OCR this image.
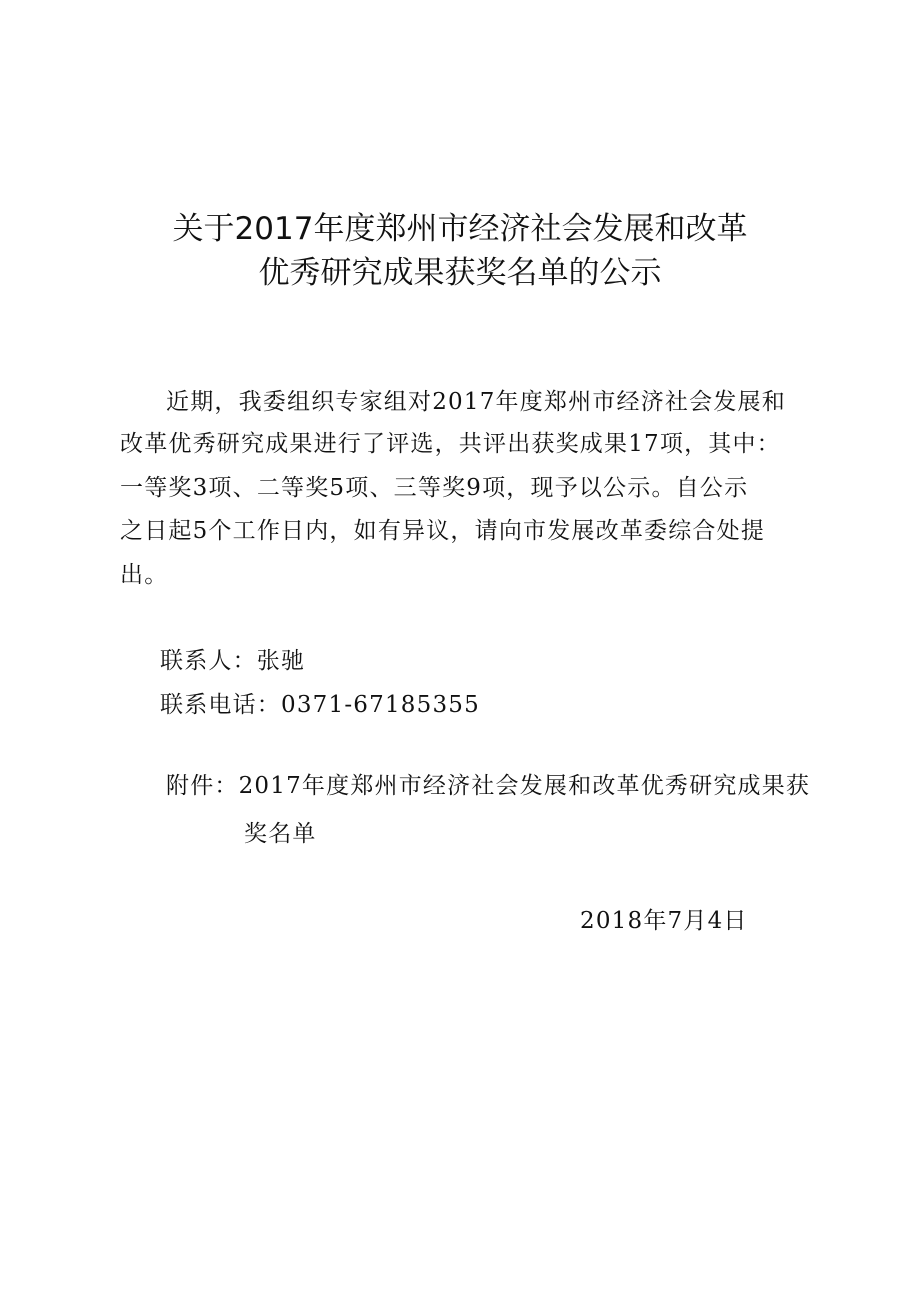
关于2017年度郑州市经济社会发展和改革
优秀研究成果获奖名单的公示
近期，我委组织专家组对2017年度郑州市经济社会发展和
改革优秀研究成果进行了评选，共评出获奖成果17项，其中：
一等奖3项、二等奖5项、三等奖9项，现予以公示。自公示
之日起5个工作日内，如有异议，请向市发展改革委综合处提
出。
联系人：张驰
联系电话：0371-67185355
附件：2017年度郑州市经济社会发展和改革优秀研究成果获
奖名单
2018年7月4日
